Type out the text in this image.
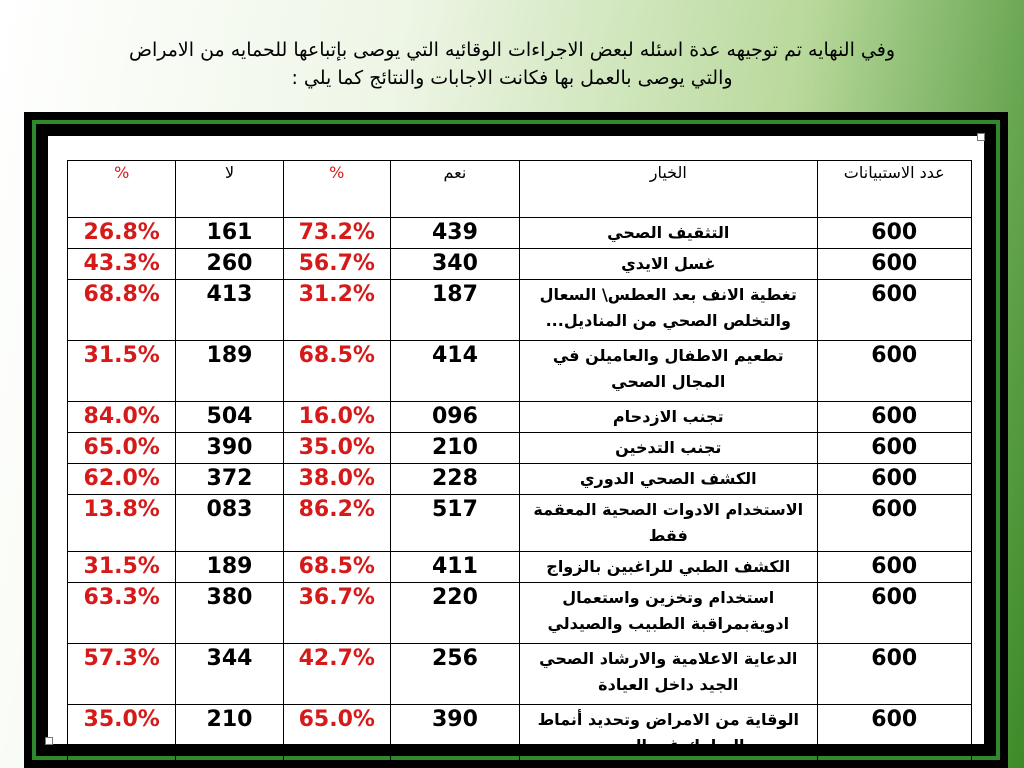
وفي النهايه تم توجيهه عدة اسئله لبعض الاجراءات الوقائيه التي يوصى بإتباعها للحمايه من الامراض
والتي يوصى بالعمل بها فكانت الاجابات والنتائج كما يلي :
عدد الاستبيانات	الخيار	نعم	%	لا	%
600	التثقيف الصحي	439	73.2%	161	26.8%
600	غسل الايدي	340	56.7%	260	43.3%
600	تغطية الانف بعد العطس\ السعال والتخلص الصحي من المناديل...	187	31.2%	413	68.8%
600	تطعيم الاطفال والعاميلن في المجال الصحي	414	68.5%	189	31.5%
600	تجنب الازدحام	096	16.0%	504	84.0%
600	تجنب التدخين	210	35.0%	390	65.0%
600	الكشف الصحي الدوري	228	38.0%	372	62.0%
600	الاستخدام الادوات الصحية المعقمة فقط	517	86.2%	083	13.8%
600	الكشف الطبي للراغبين بالزواج	411	68.5%	189	31.5%
600	استخدام وتخزين واستعمال ادويةبمراقبة الطبيب والصيدلي	220	36.7%	380	63.3%
600	الدعاية الاعلامية والارشاد الصحي الجيد داخل العيادة	256	42.7%	344	57.3%
600	الوقاية من الامراض وتحديد أنماط السلوك غير الصحي	390	65.0%	210	35.0%
